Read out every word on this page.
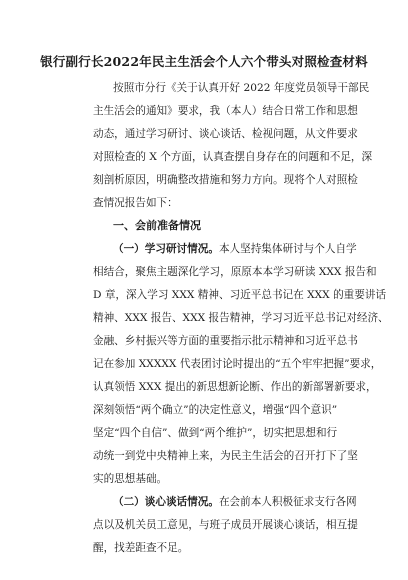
银行副行长2022年民主生活会个人六个带头对照检查材料
按照市分行《关于认真开好 2022 年度党员领导干部民
主生活会的通知》要求，我（本人）结合日常工作和思想
动态，通过学习研讨、谈心谈话、检视问题，从文件要求
对照检查的 X 个方面，认真查摆自身存在的问题和不足，深
刻剖析原因，明确整改措施和努力方向。现将个人对照检
查情况报告如下：
一、会前准备情况
（一）学习研讨情况。本人坚持集体研讨与个人自学
相结合，聚焦主题深化学习，原原本本学习研读 XXX 报告和
D 章，深入学习 XXX 精神、习近平总书记在 XXX 的重要讲话
精神、XXX 报告、XXX 报告精神，学习习近平总书记对经济、
金融、乡村振兴等方面的重要指示批示精神和习近平总书
记在参加 XXXXX 代表团讨论时提出的“五个牢牢把握”要求，
认真领悟 XXX 提出的新思想新论断、作出的新部署新要求，
深刻领悟“两个确立”的决定性意义，增强“四个意识”
坚定“四个自信”、做到“两个维护”，切实把思想和行
动统一到党中央精神上来，为民主生活会的召开打下了坚
实的思想基础。
（二）谈心谈话情况。在会前本人积极征求支行各网
点以及机关员工意见，与班子成员开展谈心谈话，相互提
醒，找差距查不足。
